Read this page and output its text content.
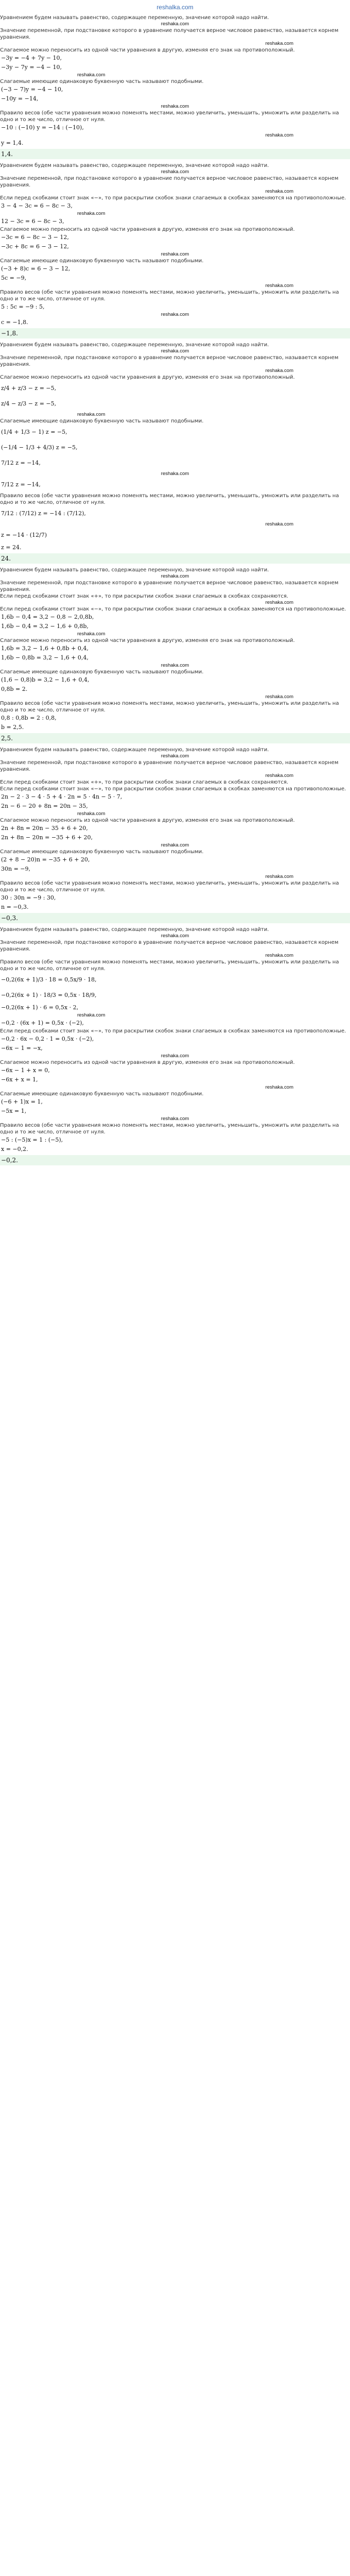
reshalka.com

Уравнением будем называть равенство, содержащее переменную, значение которой надо найти.

reshaka.com

Значение переменной, при подстановке которого в уравнение получается верное числовое равенство, называется корнем уравнения.

reshaka.com

Слагаемое можно переносить из одной части уравнения в другую, изменяя его знак на противоположный.

−3y = −4 + 7y − 10,
−3y − 7y = −4 − 10,
reshaka.com

Слагаемые имеющие одинаковую буквенную часть называют подобными.

(−3 − 7)y = −4 − 10,
−10y = −14,
reshaka.com

Правило весов (обе части уравнения можно поменять местами, можно увеличить, уменьшить, умножить или разделить на одно и то же число, отличное от нуля.

−10 : (−10) y = −14 : (−10),
reshaka.com
y = 1,4.
1,4.

Уравнением будем называть равенство, содержащее переменную, значение которой надо найти.

reshaka.com

Значение переменной, при подстановке которого в уравнение получается верное числовое равенство, называется корнем уравнения.

reshaka.com

Если перед скобками стоит знак «−», то при раскрытии скобок знаки слагаемых в скобках заменяются на противоположные.

3 − 4 − 3c = 6 − 8c − 3,
reshaka.com
12 − 3c = 6 − 8c − 3,

Слагаемое можно переносить из одной части уравнения в другую, изменяя его знак на противоположный.

−3c = 6 − 8c − 3 − 12,
−3c + 8c = 6 − 3 − 12,
reshaka.com

Слагаемые имеющие одинаковую буквенную часть называют подобными.

(−3 + 8)c = 6 − 3 − 12,
5c = −9,
reshaka.com

Правило весов (обе части уравнения можно поменять местами, можно увеличить, уменьшить, умножить или разделить на одно и то же число, отличное от нуля.

5 : 5c = −9 : 5,
reshaka.com
c = −1,8.
−1,8.

Уравнением будем называть равенство, содержащее переменную, значение которой надо найти.

reshaka.com

Значение переменной, при подстановке которого в уравнение получается верное числовое равенство, называется корнем уравнения.

reshaka.com

Слагаемое можно переносить из одной части уравнения в другую, изменяя его знак на противоположный.

z/4 + z/3 − z = −5,
z/4 − z/3 − z = −5,
reshaka.com

Слагаемые имеющие одинаковую буквенную часть называют подобными.

(1/4 + 1/3 − 1) z = −5,
(−1/4 − 1/3 + 4/3) z = −5,
7/12 z = −14,
reshaka.com
7/12 z = −14,

Правило весов (обе части уравнения можно поменять местами, можно увеличить, уменьшить, умножить или разделить на одно и то же число, отличное от нуля.

7/12 : (7/12) z = −14 : (7/12),
reshaka.com
z = −14 · (12/7)
z = 24.
24.

Уравнением будем называть равенство, содержащее переменную, значение которой надо найти.

reshaka.com

Значение переменной, при подстановке которого в уравнение получается верное числовое равенство, называется корнем уравнения.

Если перед скобками стоит знак «+», то при раскрытии скобок знаки слагаемых в скобках сохраняются.

reshaka.com

Если перед скобками стоит знак «−», то при раскрытии скобок знаки слагаемых в скобках заменяются на противоположные.

1,6b − 0,4 = 3,2 − 0,8 − 2,0,8b,
1,6b − 0,4 = 3,2 − 1,6 + 0,8b,
reshaka.com

Слагаемое можно переносить из одной части уравнения в другую, изменяя его знак на противоположный.

1,6b = 3,2 − 1,6 + 0,8b + 0,4,
1,6b − 0,8b = 3,2 − 1,6 + 0,4,
reshaka.com

Слагаемые имеющие одинаковую буквенную часть называют подобными.

(1,6 − 0,8)b = 3,2 − 1,6 + 0,4,
0,8b = 2.
reshaka.com

Правило весов (обе части уравнения можно поменять местами, можно увеличить, уменьшить, умножить или разделить на одно и то же число, отличное от нуля.

0,8 : 0,8b = 2 : 0,8,
b = 2,5.
2,5.

Уравнением будем называть равенство, содержащее переменную, значение которой надо найти.

reshaka.com

Значение переменной, при подстановке которого в уравнение получается верное числовое равенство, называется корнем уравнения.

reshaka.com

Если перед скобками стоит знак «+», то при раскрытии скобок знаки слагаемых в скобках сохраняются.

Если перед скобками стоит знак «−», то при раскрытии скобок знаки слагаемых в скобках заменяются на противоположные.

2n − 2 · 3 − 4 · 5 + 4 · 2n = 5 · 4n − 5 · 7,
2n − 6 − 20 + 8n = 20n − 35,
reshaka.com

Слагаемое можно переносить из одной части уравнения в другую, изменяя его знак на противоположный.

2n + 8n = 20n − 35 + 6 + 20,
2n + 8n − 20n = −35 + 6 + 20,
reshaka.com

Слагаемые имеющие одинаковую буквенную часть называют подобными.

(2 + 8 − 20)n = −35 + 6 + 20,
30n = −9,
reshaka.com

Правило весов (обе части уравнения можно поменять местами, можно увеличить, уменьшить, умножить или разделить на одно и то же число, отличное от нуля.

30 : 30n = −9 : 30,
n = −0,3.
−0,3.

Уравнением будем называть равенство, содержащее переменную, значение которой надо найти.

reshaka.com

Значение переменной, при подстановке которого в уравнение получается верное числовое равенство, называется корнем уравнения.

reshaka.com

Правило весов (обе части уравнения можно поменять местами, можно увеличить, уменьшить, умножить или разделить на одно и то же число, отличное от нуля.

−0,2(6x + 1)/3 · 18 = 0,5x/9 · 18,
−0,2(6x + 1) · 18/3 = 0,5x · 18/9,
−0,2(6x + 1) · 6 = 0,5x · 2,
reshaka.com
−0,2 · (6x + 1) = 0,5x · (−2),

Если перед скобками стоит знак «−», то при раскрытии скобок знаки слагаемых в скобках заменяются на противоположные.

−0,2 · 6x − 0,2 · 1 = 0,5x · (−2),
−6x − 1 = −x,
reshaka.com

Слагаемое можно переносить из одной части уравнения в другую, изменяя его знак на противоположный.

−6x − 1 + x = 0,
−6x + x = 1,
reshaka.com

Слагаемые имеющие одинаковую буквенную часть называют подобными.

(−6 + 1)x = 1,
−5x = 1,
reshaka.com

Правило весов (обе части уравнения можно поменять местами, можно увеличить, уменьшить, умножить или разделить на одно и то же число, отличное от нуля.

−5 : (−5)x = 1 : (−5),
x = −0,2.
−0,2.
